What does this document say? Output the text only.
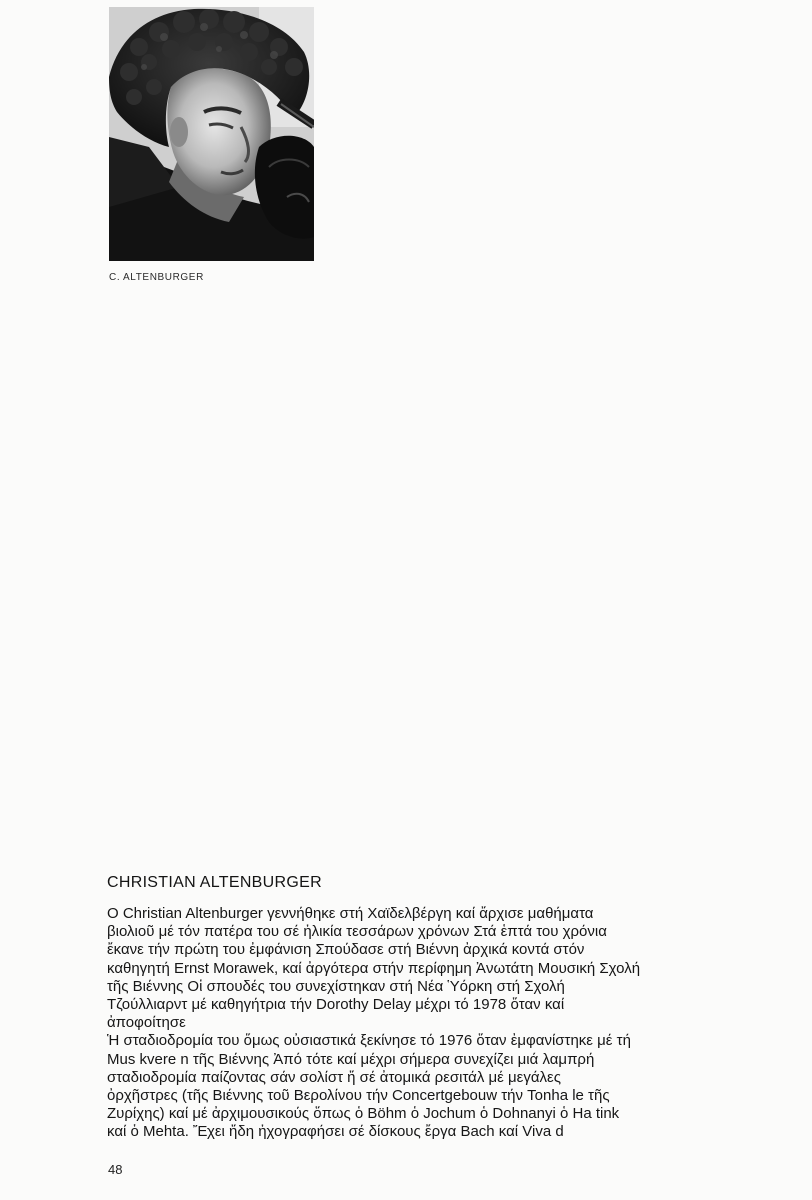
C. ALTENBURGER
CHRISTIAN ALTENBURGER
Ο Christian Altenburger γεννήθηκε στή Χαϊδελβέργη καί ἄρχισε μαθήματα
βιολιοῦ μέ τόν πατέρα του σέ ἡλικία τεσσάρων χρόνων Στά ἑπτά του χρόνια
ἔκανε τήν πρώτη του ἐμφάνιση Σπούδασε στή Βιέννη ἀρχικά κοντά στόν
καθηγητή Ernst Morawek, καί ἀργότερα στήν περίφημη Ἀνωτάτη Μουσική Σχολή
τῆς Βιέννης Οἱ σπουδές του συνεχίστηκαν στή Νέα Ὑόρκη στή Σχολή
Τζούλλιαρντ μέ καθηγήτρια τήν Dorothy Delay μέχρι τό 1978 ὅταν καί
ἀποφοίτησε
Ἡ σταδιοδρομία του ὅμως οὐσιαστικά ξεκίνησε τό 1976 ὅταν ἐμφανίστηκε μέ τή
Mus kvere n τῆς Βιέννης Ἀπό τότε καί μέχρι σήμερα συνεχίζει μιά λαμπρή
σταδιοδρομία παίζοντας σάν σολίστ ἤ σέ ἀτομικά ρεσιτάλ μέ μεγάλες
ὀρχῆστρες (τῆς Βιέννης τοῦ Βερολίνου τήν Concertgebouw τήν Tonha le τῆς
Ζυρίχης) καί μέ ἀρχιμουσικούς ὅπως ὁ Böhm ὁ Jochum ὁ Dohnanyi ὁ Ha tink
καί ὁ Mehta. Ἔχει ἤδη ἠχογραφήσει σέ δίσκους ἔργα Bach καί Viva d
48
